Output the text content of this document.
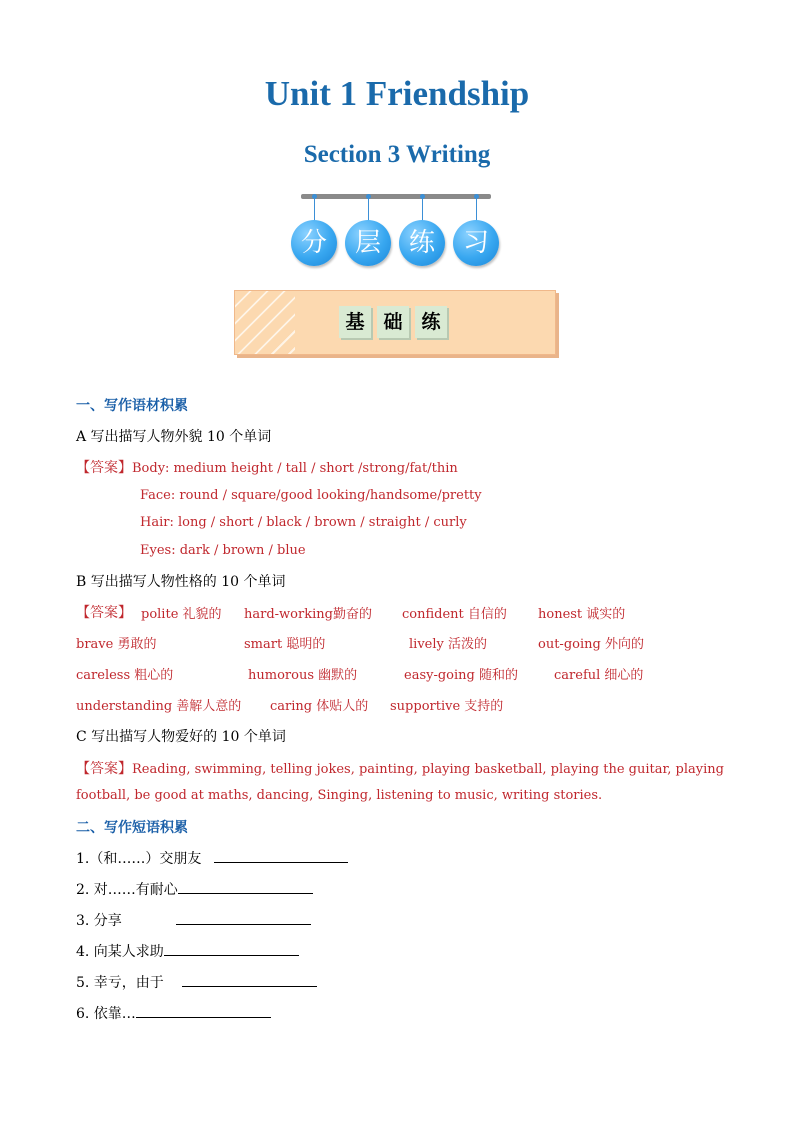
Unit 1 Friendship
Section 3 Writing
分	层	练	习
基 础 练
一、写作语材积累
A 写出描写人物外貌 10 个单词
【答案】Body: medium height / tall / short /strong/fat/thin
Face: round / square/good looking/handsome/pretty
Hair: long / short / black / brown / straight / curly
Eyes: dark / brown / blue
B 写出描写人物性格的 10 个单词
【答案】 polite 礼貌的 hard-working勤奋的 confident 自信的 honest 诚实的
brave 勇敢的	smart 聪明的	lively 活泼的	out-going 外向的
careless 粗心的	humorous 幽默的	easy-going 随和的	careful 细心的
understanding 善解人意的 caring 体贴人的 supportive 支持的
C 写出描写人物爱好的 10 个单词
【答案】Reading, swimming, telling jokes, painting, playing basketball, playing the guitar, playing
football, be good at maths, dancing, Singing, listening to music, writing stories.
二、写作短语积累
1.（和……）交朋友
2. 对……有耐心
3. 分享
4. 向某人求助
5. 幸亏，由于
6. 依靠…
